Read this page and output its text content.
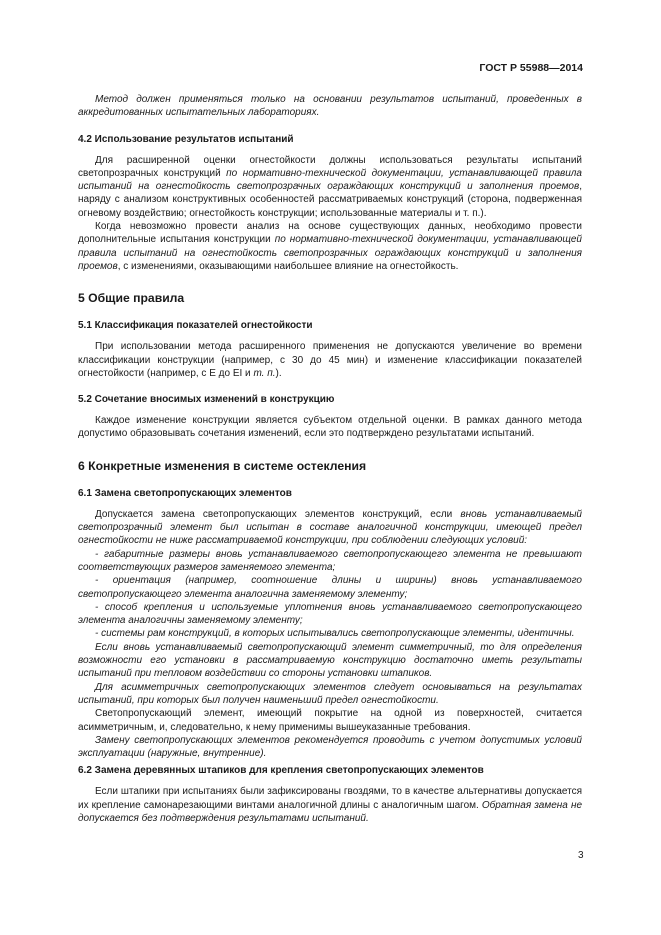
ГОСТ Р 55988—2014

Метод должен применяться только на основании результатов испытаний, проведенных в аккредитованных испытательных лабораториях.

4.2 Использование результатов испытаний

Для расширенной оценки огнестойкости должны использоваться результаты испытаний светопрозрачных конструкций по нормативно-технической документации, устанавливающей правила испытаний на огнестойкость светопрозрачных ограждающих конструкций и заполнения проемов, наряду с анализом конструктивных особенностей рассматриваемых конструкций (сторона, подверженная огневому воздействию; огнестойкость конструкции; использованные материалы и т. п.).

Когда невозможно провести анализ на основе существующих данных, необходимо провести дополнительные испытания конструкции по нормативно-технической документации, устанавливающей правила испытаний на огнестойкость светопрозрачных ограждающих конструкций и заполнения проемов, с изменениями, оказывающими наибольшее влияние на огнестойкость.

5 Общие правила
5.1 Классификация показателей огнестойкости

При использовании метода расширенного применения не допускаются увеличение во времени классификации конструкции (например, с 30 до 45 мин) и изменение классификации показателей огнестойкости (например, с E до EI и т. п.).

5.2 Сочетание вносимых изменений в конструкцию

Каждое изменение конструкции является субъектом отдельной оценки. В рамках данного метода допустимо образовывать сочетания изменений, если это подтверждено результатами испытаний.

6 Конкретные изменения в системе остекления
6.1 Замена светопропускающих элементов

Допускается замена светопропускающих элементов конструкций, если вновь устанавливаемый светопрозрачный элемент был испытан в составе аналогичной конструкции, имеющей предел огнестойкости не ниже рассматриваемой конструкции, при соблюдении следующих условий:

- габаритные размеры вновь устанавливаемого светопропускающего элемента не превышают соответствующих размеров заменяемого элемента;

- ориентация (например, соотношение длины и ширины) вновь устанавливаемого светопропускающего элемента аналогична заменяемому элементу;

- способ крепления и используемые уплотнения вновь устанавливаемого светопропускающего элемента аналогичны заменяемому элементу;

- системы рам конструкций, в которых испытывались светопропускающие элементы, идентичны.

Если вновь устанавливаемый светопропускающий элемент симметричный, то для определения возможности его установки в рассматриваемую конструкцию достаточно иметь результаты испытаний при тепловом воздействии со стороны установки штапиков.

Для асимметричных светопропускающих элементов следует основываться на результатах испытаний, при которых был получен наименьший предел огнестойкости.

Светопропускающий элемент, имеющий покрытие на одной из поверхностей, считается асимметричным, и, следовательно, к нему применимы вышеуказанные требования.

Замену светопропускающих элементов рекомендуется проводить с учетом допустимых условий эксплуатации (наружные, внутренние).

6.2 Замена деревянных штапиков для крепления светопропускающих элементов

Если штапики при испытаниях были зафиксированы гвоздями, то в качестве альтернативы допускается их крепление самонарезающими винтами аналогичной длины с аналогичным шагом. Обратная замена не допускается без подтверждения результатами испытаний.

3
